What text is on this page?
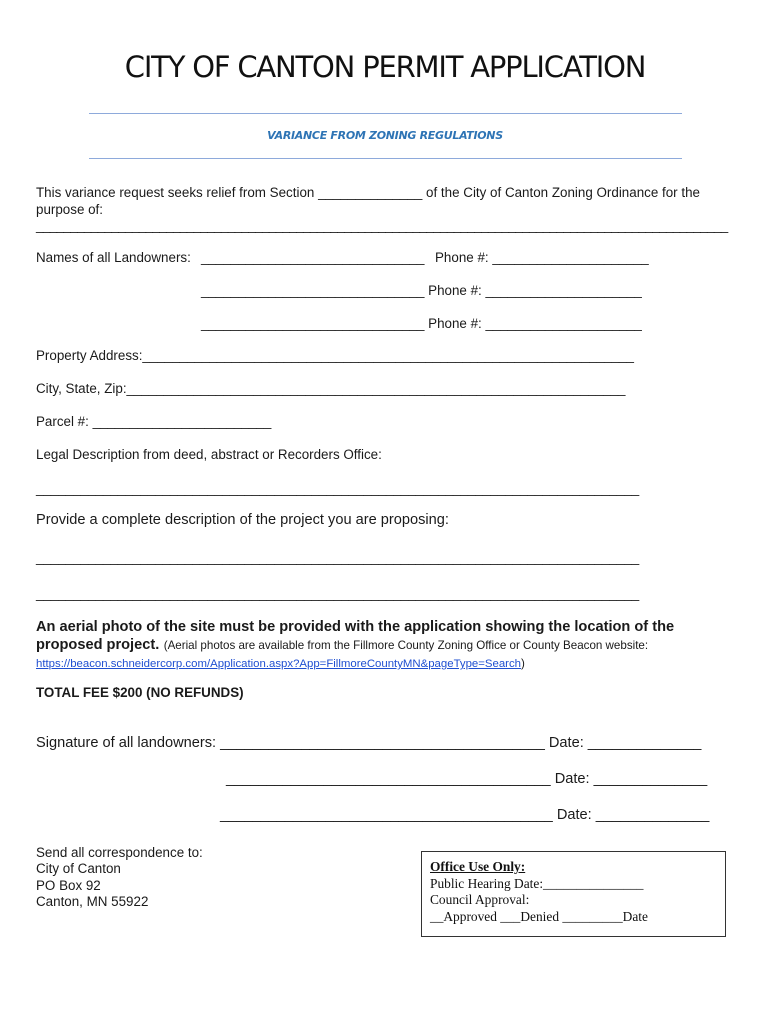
CITY OF CANTON PERMIT APPLICATION
VARIANCE FROM ZONING REGULATIONS
This variance request seeks relief from Section ______________ of the City of Canton Zoning Ordinance for the
purpose of:
_____________________________________________________________________________________________________
Names of all Landowners: ______________________________ Phone #: _____________________
______________________________ Phone #: _____________________
______________________________ Phone #: _____________________
Property Address:__________________________________________________________________
City, State, Zip:___________________________________________________________________
Parcel #: ________________________
Legal Description from deed, abstract or Recorders Office:
_________________________________________________________________________________
Provide a complete description of the project you are proposing:
_________________________________________________________________________________
_________________________________________________________________________________
An aerial photo of the site must be provided with the application showing the location of the
proposed project. (Aerial photos are available from the Fillmore County Zoning Office or County Beacon website:
https://beacon.schneidercorp.com/Application.aspx?App=FillmoreCountyMN&pageType=Search)
TOTAL FEE $200 (NO REFUNDS)
Signature of all landowners: ________________________________________ Date: ______________
________________________________________ Date: ______________
_________________________________________ Date: ______________
Send all correspondence to:
City of Canton
PO Box 92
Canton, MN 55922
Office Use Only:
Public Hearing Date:_______________
Council Approval:
__Approved ___Denied _________Date
